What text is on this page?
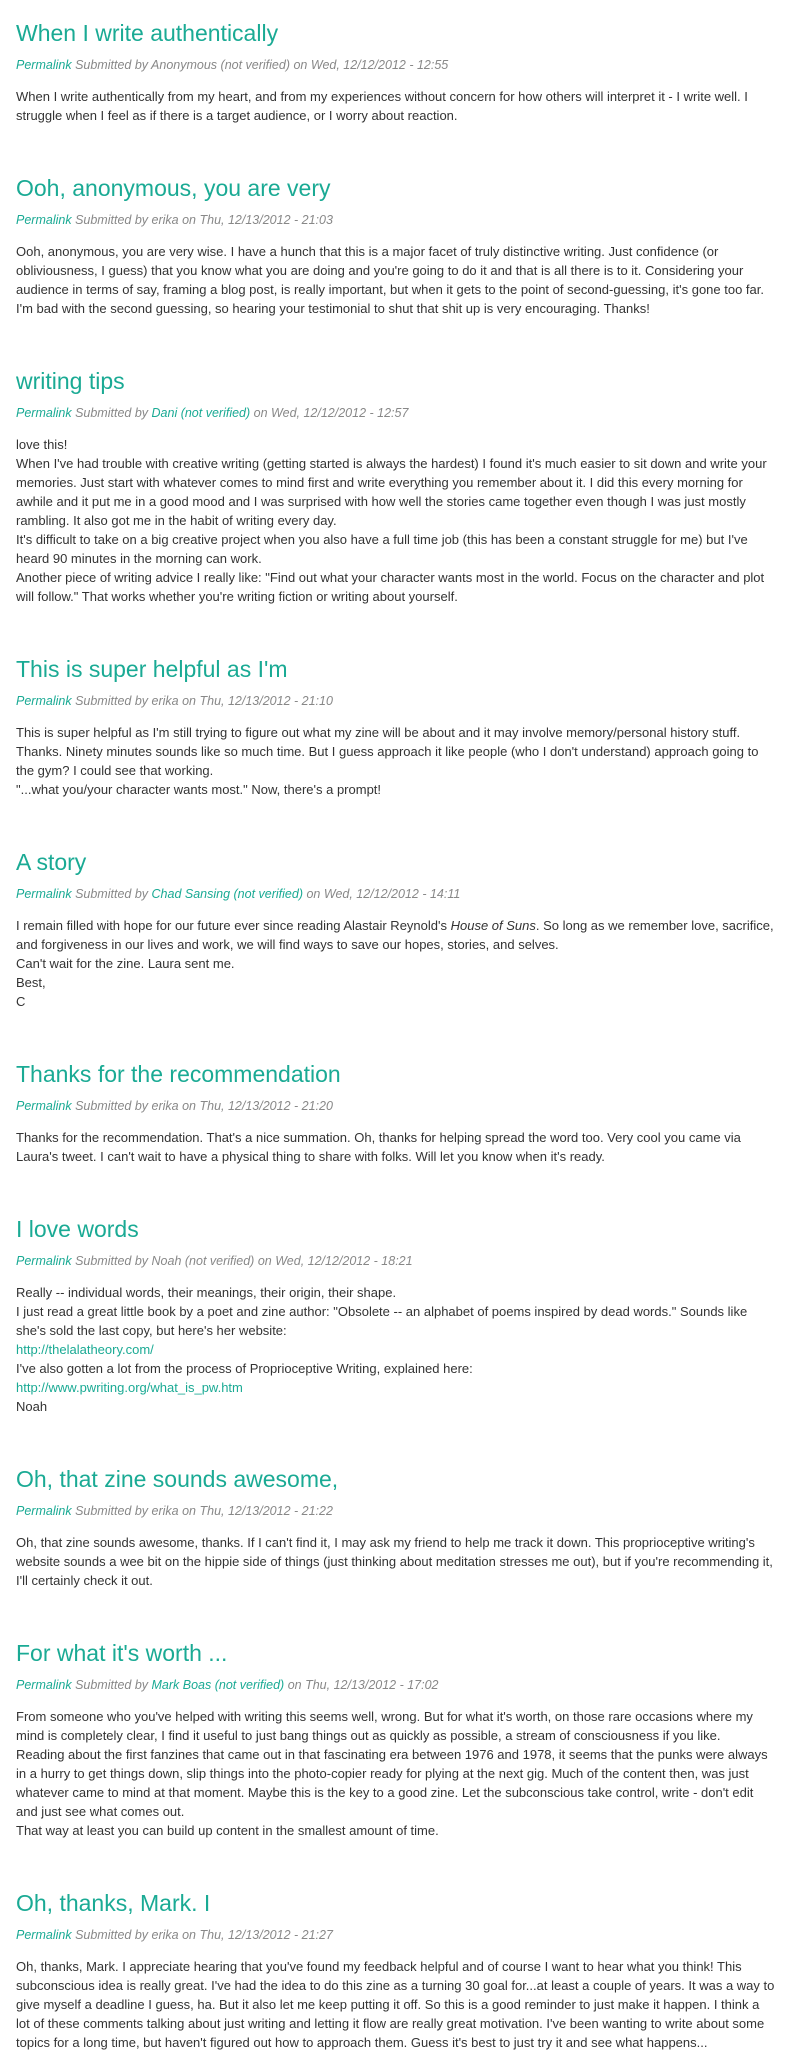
When I write authentically
Permalink Submitted by Anonymous (not verified) on Wed, 12/12/2012 - 12:55

When I write authentically from my heart, and from my experiences without concern for how others will interpret it - I write well. I struggle when I feel as if there is a target audience, or I worry about reaction.

Ooh, anonymous, you are very
Permalink Submitted by erika on Thu, 12/13/2012 - 21:03

Ooh, anonymous, you are very wise. I have a hunch that this is a major facet of truly distinctive writing. Just confidence (or obliviousness, I guess) that you know what you are doing and you're going to do it and that is all there is to it. Considering your audience in terms of say, framing a blog post, is really important, but when it gets to the point of second-guessing, it's gone too far. I'm bad with the second guessing, so hearing your testimonial to shut that shit up is very encouraging. Thanks!

writing tips
Permalink Submitted by Dani (not verified) on Wed, 12/12/2012 - 12:57

love this!

When I've had trouble with creative writing (getting started is always the hardest) I found it's much easier to sit down and write your memories. Just start with whatever comes to mind first and write everything you remember about it. I did this every morning for awhile and it put me in a good mood and I was surprised with how well the stories came together even though I was just mostly rambling. It also got me in the habit of writing every day.

It's difficult to take on a big creative project when you also have a full time job (this has been a constant struggle for me) but I've heard 90 minutes in the morning can work.

Another piece of writing advice I really like: "Find out what your character wants most in the world. Focus on the character and plot will follow." That works whether you're writing fiction or writing about yourself.

This is super helpful as I'm
Permalink Submitted by erika on Thu, 12/13/2012 - 21:10

This is super helpful as I'm still trying to figure out what my zine will be about and it may involve memory/personal history stuff. Thanks. Ninety minutes sounds like so much time. But I guess approach it like people (who I don't understand) approach going to the gym? I could see that working.

"...what you/your character wants most." Now, there's a prompt!

A story
Permalink Submitted by Chad Sansing (not verified) on Wed, 12/12/2012 - 14:11

I remain filled with hope for our future ever since reading Alastair Reynold's House of Suns. So long as we remember love, sacrifice, and forgiveness in our lives and work, we will find ways to save our hopes, stories, and selves.

Can't wait for the zine. Laura sent me.

Best,

C

Thanks for the recommendation
Permalink Submitted by erika on Thu, 12/13/2012 - 21:20

Thanks for the recommendation. That's a nice summation. Oh, thanks for helping spread the word too. Very cool you came via Laura's tweet. I can't wait to have a physical thing to share with folks. Will let you know when it's ready.

I love words
Permalink Submitted by Noah (not verified) on Wed, 12/12/2012 - 18:21

Really -- individual words, their meanings, their origin, their shape.

I just read a great little book by a poet and zine author: "Obsolete -- an alphabet of poems inspired by dead words." Sounds like she's sold the last copy, but here's her website:

http://thelalatheory.com/

I've also gotten a lot from the process of Proprioceptive Writing, explained here:

http://www.pwriting.org/what_is_pw.htm

Noah

Oh, that zine sounds awesome,
Permalink Submitted by erika on Thu, 12/13/2012 - 21:22

Oh, that zine sounds awesome, thanks. If I can't find it, I may ask my friend to help me track it down. This proprioceptive writing's website sounds a wee bit on the hippie side of things (just thinking about meditation stresses me out), but if you're recommending it, I'll certainly check it out.

For what it's worth ...
Permalink Submitted by Mark Boas (not verified) on Thu, 12/13/2012 - 17:02

From someone who you've helped with writing this seems well, wrong. But for what it's worth, on those rare occasions where my mind is completely clear, I find it useful to just bang things out as quickly as possible, a stream of consciousness if you like.

Reading about the first fanzines that came out in that fascinating era between 1976 and 1978, it seems that the punks were always in a hurry to get things down, slip things into the photo-copier ready for plying at the next gig. Much of the content then, was just whatever came to mind at that moment. Maybe this is the key to a good zine. Let the subconscious take control, write - don't edit and just see what comes out.

That way at least you can build up content in the smallest amount of time.

Oh, thanks, Mark. I
Permalink Submitted by erika on Thu, 12/13/2012 - 21:27

Oh, thanks, Mark. I appreciate hearing that you've found my feedback helpful and of course I want to hear what you think! This subconscious idea is really great. I've had the idea to do this zine as a turning 30 goal for...at least a couple of years. It was a way to give myself a deadline I guess, ha. But it also let me keep putting it off. So this is a good reminder to just make it happen. I think a lot of these comments talking about just writing and letting it flow are really great motivation. I've been wanting to write about some topics for a long time, but haven't figured out how to approach them. Guess it's best to just try it and see what happens...
